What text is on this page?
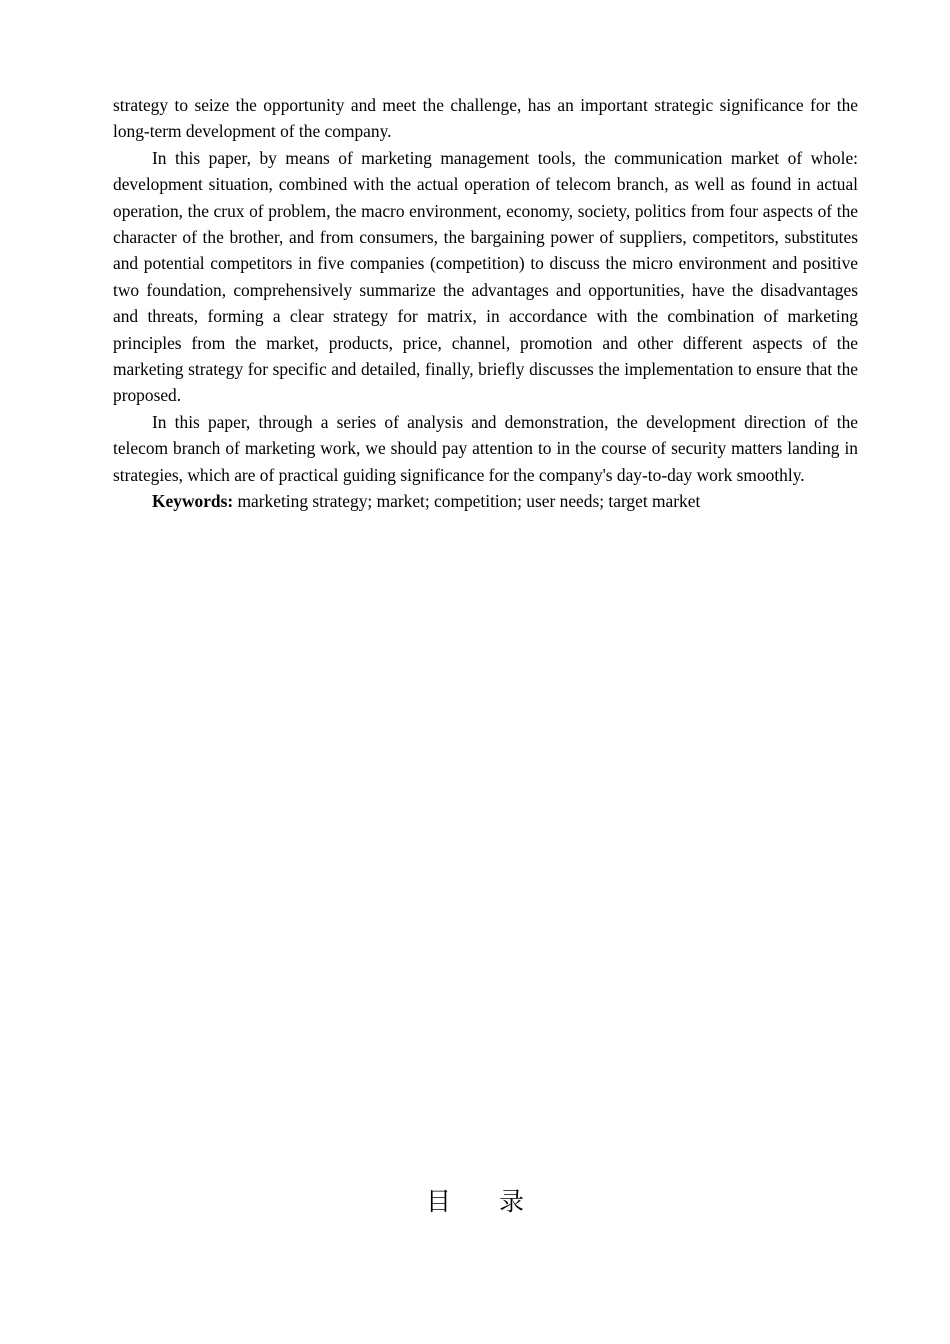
strategy to seize the opportunity and meet the challenge, has an important strategic significance for the long-term development of the company.

In this paper, by means of marketing management tools, the communication market of whole: development situation, combined with the actual operation of telecom branch, as well as found in actual operation, the crux of problem, the macro environment, economy, society, politics from four aspects of the character of the brother, and from consumers, the bargaining power of suppliers, competitors, substitutes and potential competitors in five companies (competition) to discuss the micro environment and positive two foundation, comprehensively summarize the advantages and opportunities, have the disadvantages and threats, forming a clear strategy for matrix, in accordance with the combination of marketing principles from the market, products, price, channel, promotion and other different aspects of the marketing strategy for specific and detailed, finally, briefly discusses the implementation to ensure that the proposed.

In this paper, through a series of analysis and demonstration, the development direction of the telecom branch of marketing work, we should pay attention to in the course of security matters landing in strategies, which are of practical guiding significance for the company's day-to-day work smoothly.

Keywords: marketing strategy; market; competition; user needs; target market

目 录
